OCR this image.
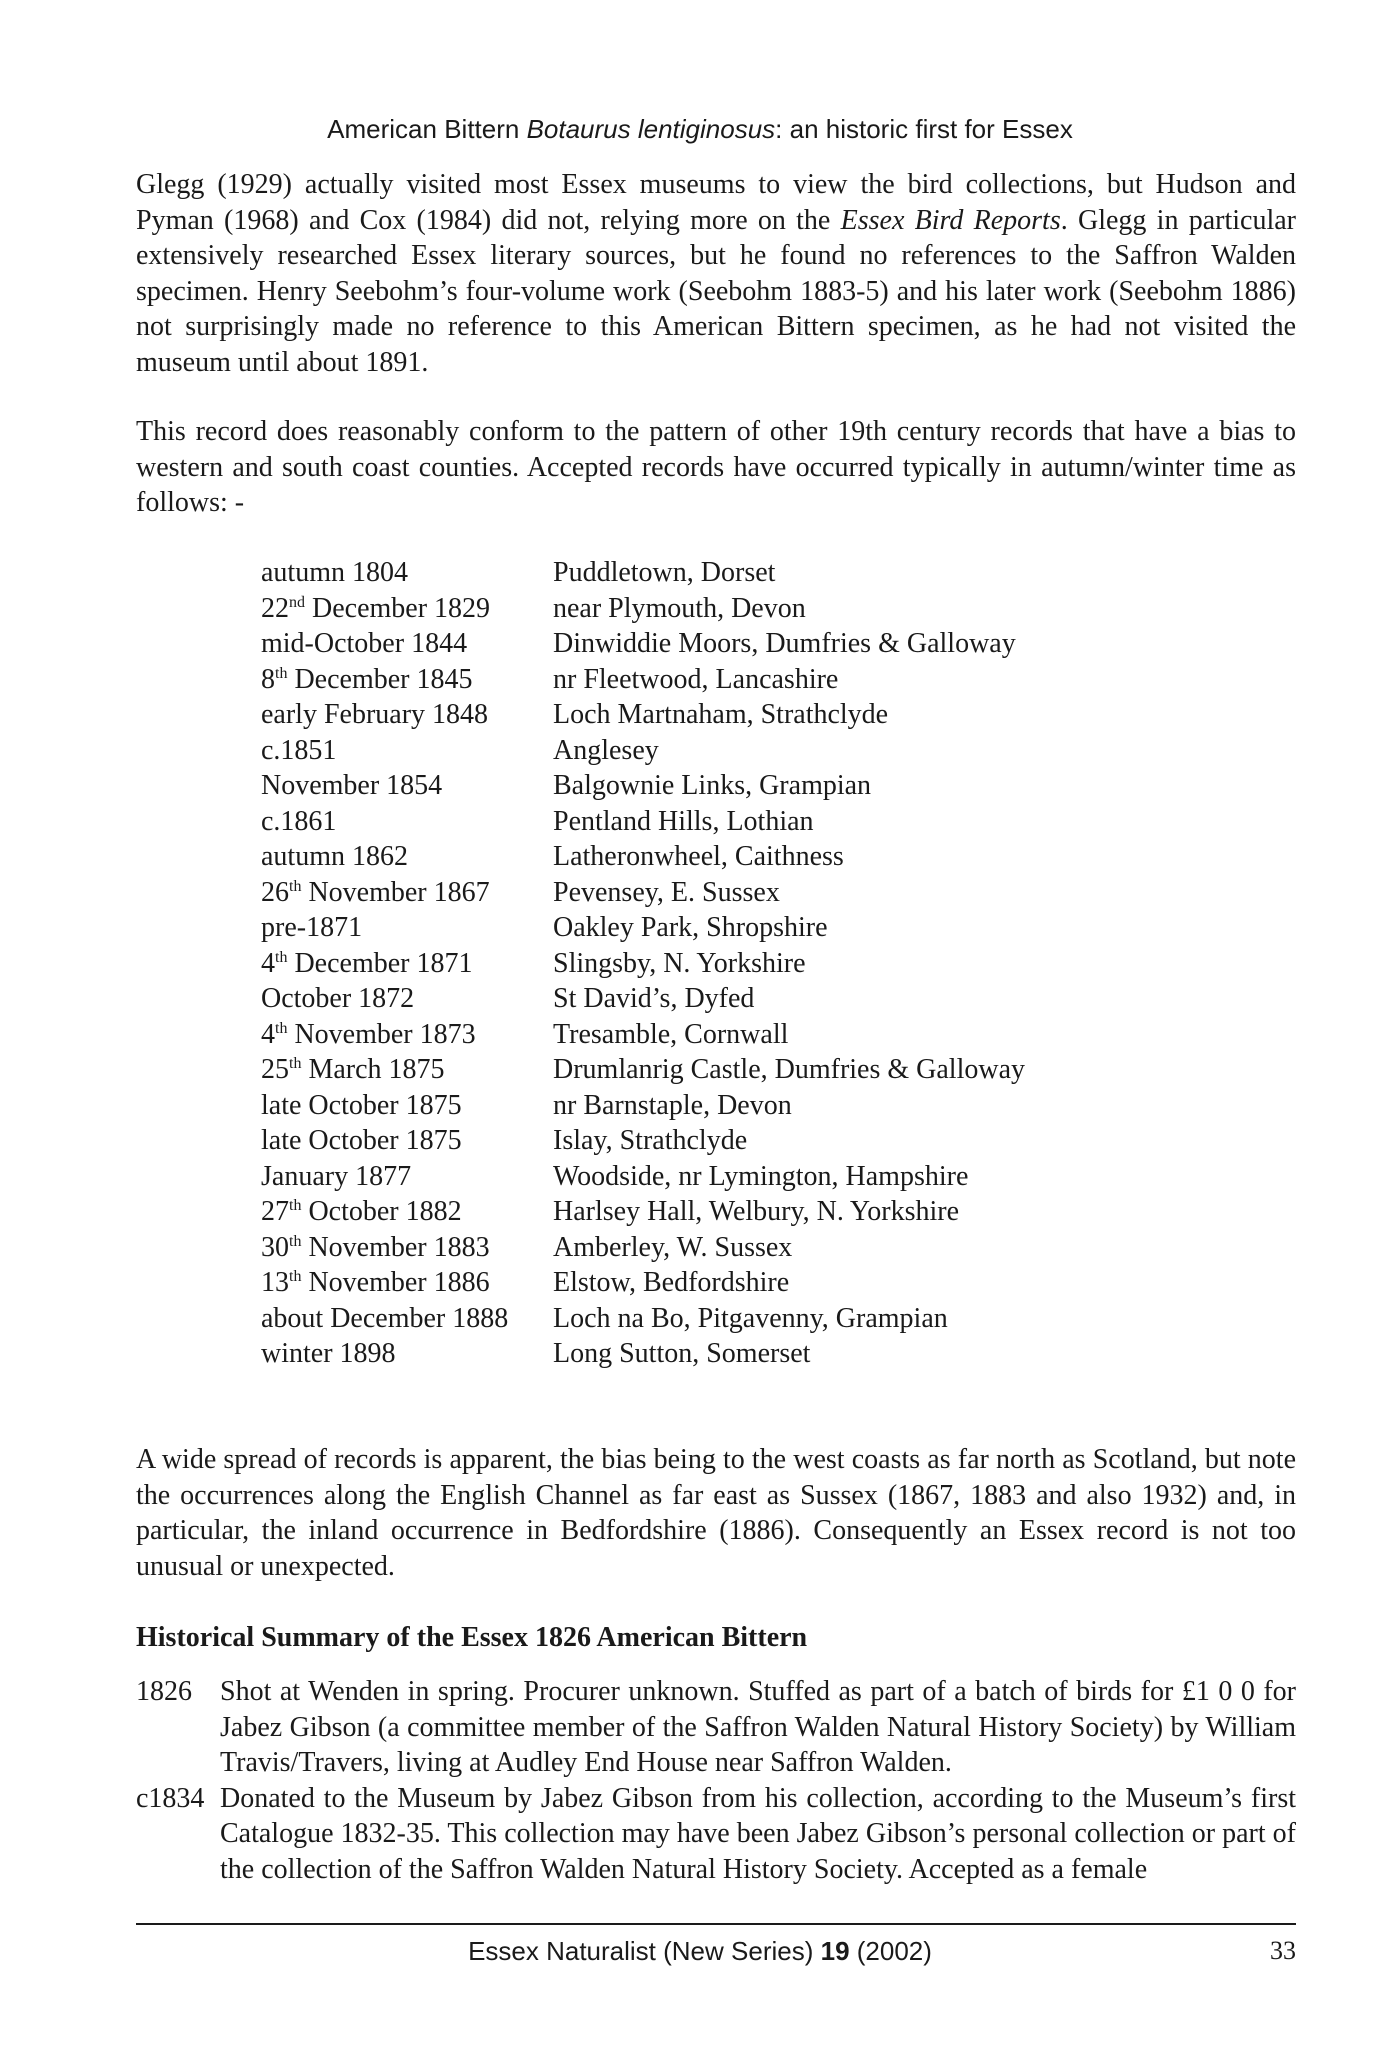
American Bittern Botaurus lentiginosus: an historic first for Essex

Glegg (1929) actually visited most Essex museums to view the bird collections, but Hudson and Pyman (1968) and Cox (1984) did not, relying more on the Essex Bird Reports. Glegg in particular extensively researched Essex literary sources, but he found no references to the Saffron Walden specimen. Henry Seebohm’s four-volume work (Seebohm 1883-5) and his later work (Seebohm 1886) not surprisingly made no reference to this American Bittern specimen, as he had not visited the museum until about 1891.

This record does reasonably conform to the pattern of other 19th century records that have a bias to western and south coast counties. Accepted records have occurred typically in autumn/winter time as follows: -

autumn 1804	Puddletown, Dorset
22nd December 1829	near Plymouth, Devon
mid-October 1844	Dinwiddie Moors, Dumfries & Galloway
8th December 1845	nr Fleetwood, Lancashire
early February 1848	Loch Martnaham, Strathclyde
c.1851	Anglesey
November 1854	Balgownie Links, Grampian
c.1861	Pentland Hills, Lothian
autumn 1862	Latheronwheel, Caithness
26th November 1867	Pevensey, E. Sussex
pre-1871	Oakley Park, Shropshire
4th December 1871	Slingsby, N. Yorkshire
October 1872	St David’s, Dyfed
4th November 1873	Tresamble, Cornwall
25th March 1875	Drumlanrig Castle, Dumfries & Galloway
late October 1875	nr Barnstaple, Devon
late October 1875	Islay, Strathclyde
January 1877	Woodside, nr Lymington, Hampshire
27th October 1882	Harlsey Hall, Welbury, N. Yorkshire
30th November 1883	Amberley, W. Sussex
13th November 1886	Elstow, Bedfordshire
about December 1888	Loch na Bo, Pitgavenny, Grampian
winter 1898	Long Sutton, Somerset

A wide spread of records is apparent, the bias being to the west coasts as far north as Scotland, but note the occurrences along the English Channel as far east as Sussex (1867, 1883 and also 1932) and, in particular, the inland occurrence in Bedfordshire (1886). Consequently an Essex record is not too unusual or unexpected.

Historical Summary of the Essex 1826 American Bittern
1826	Shot at Wenden in spring. Procurer unknown. Stuffed as part of a batch of birds for £1 0 0 for Jabez Gibson (a committee member of the Saffron Walden Natural History Society) by William Travis/Travers, living at Audley End House near Saffron Walden.
c1834 Donated to the Museum by Jabez Gibson from his collection, according to the Museum’s first Catalogue 1832-35. This collection may have been Jabez Gibson’s personal collection or part of the collection of the Saffron Walden Natural History Society. Accepted as a female
Essex Naturalist (New Series) 19 (2002)	33
